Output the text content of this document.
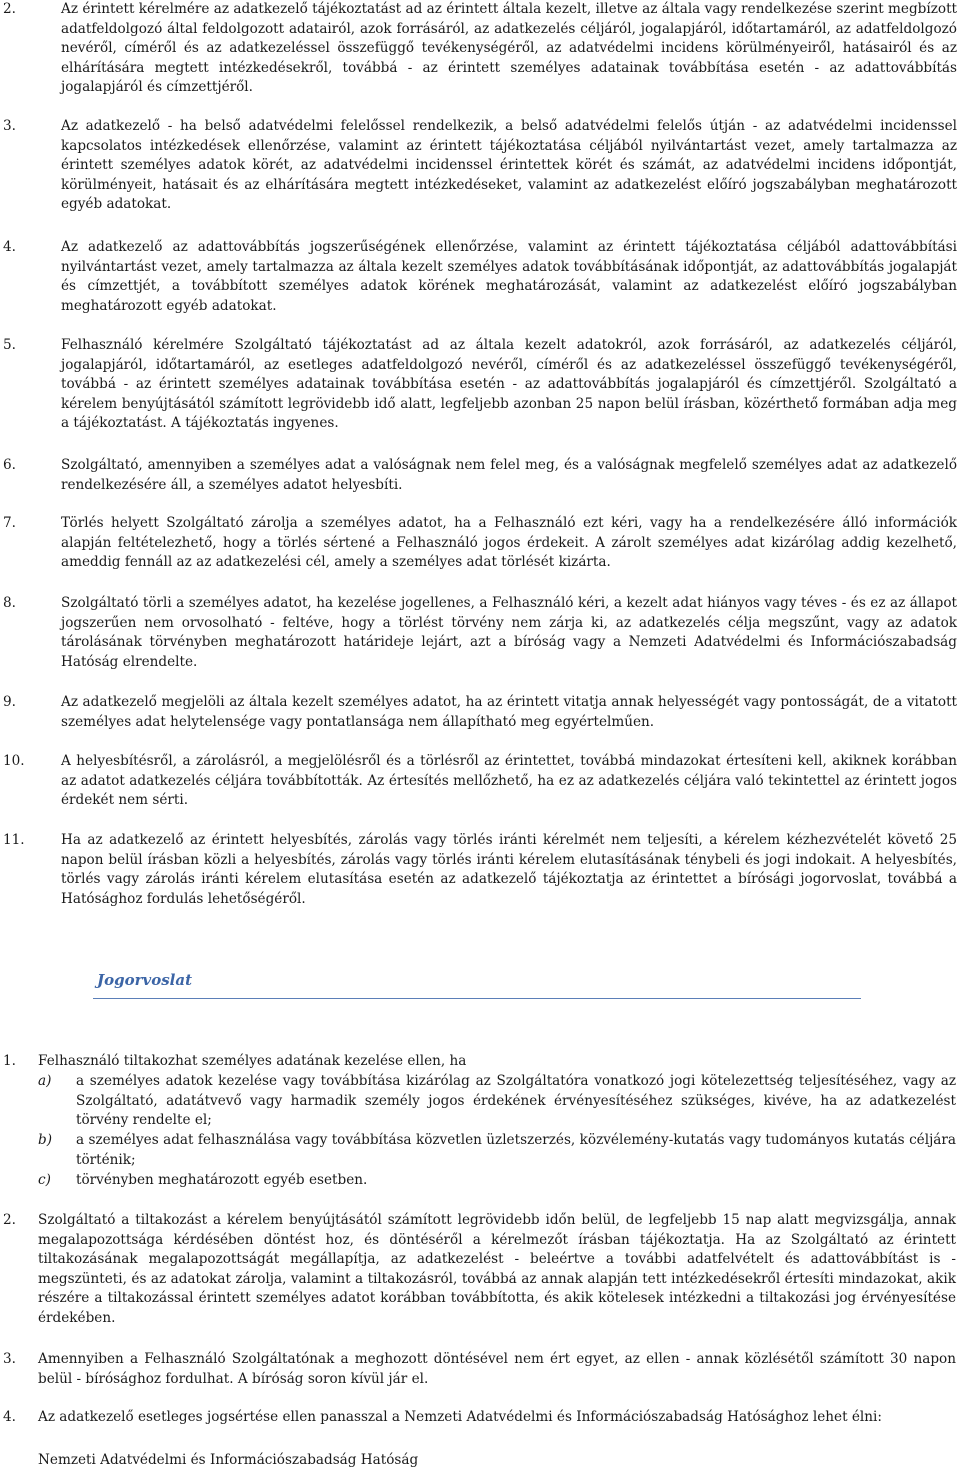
2.	Az érintett kérelmére az adatkezelő tájékoztatást ad az érintett általa kezelt, illetve az általa vagy rendelkezése szerint megbízott adatfeldolgozó által feldolgozott adatairól, azok forrásáról, az adatkezelés céljáról, jogalapjáról, időtartamáról, az adatfeldolgozó nevéről, címéről és az adatkezeléssel összefüggő tevékenységéről, az adatvédelmi incidens körülményeiről, hatásairól és az elhárítására megtett intézkedésekről, továbbá - az érintett személyes adatainak továbbítása esetén - az adattovábbítás jogalapjáról és címzettjéről.
3.	Az adatkezelő - ha belső adatvédelmi felelőssel rendelkezik, a belső adatvédelmi felelős útján - az adatvédelmi incidenssel kapcsolatos intézkedések ellenőrzése, valamint az érintett tájékoztatása céljából nyilvántartást vezet, amely tartalmazza az érintett személyes adatok körét, az adatvédelmi incidenssel érintettek körét és számát, az adatvédelmi incidens időpontját, körülményeit, hatásait és az elhárítására megtett intézkedéseket, valamint az adatkezelést előíró jogszabályban meghatározott egyéb adatokat.
4.	Az adatkezelő az adattovábbítás jogszerűségének ellenőrzése, valamint az érintett tájékoztatása céljából adattovábbítási nyilvántartást vezet, amely tartalmazza az általa kezelt személyes adatok továbbításának időpontját, az adattovábbítás jogalapját és címzettjét, a továbbított személyes adatok körének meghatározását, valamint az adatkezelést előíró jogszabályban meghatározott egyéb adatokat.
5.	Felhasználó kérelmére Szolgáltató tájékoztatást ad az általa kezelt adatokról, azok forrásáról, az adatkezelés céljáról, jogalapjáról, időtartamáról, az esetleges adatfeldolgozó nevéről, címéről és az adatkezeléssel összefüggő tevékenységéről, továbbá - az érintett személyes adatainak továbbítása esetén - az adattovábbítás jogalapjáról és címzettjéről. Szolgáltató a kérelem benyújtásától számított legrövidebb idő alatt, legfeljebb azonban 25 napon belül írásban, közérthető formában adja meg a tájékoztatást. A tájékoztatás ingyenes.
6.	Szolgáltató, amennyiben a személyes adat a valóságnak nem felel meg, és a valóságnak megfelelő személyes adat az adatkezelő rendelkezésére áll, a személyes adatot helyesbíti.
7.	Törlés helyett Szolgáltató zárolja a személyes adatot, ha a Felhasználó ezt kéri, vagy ha a rendelkezésére álló információk alapján feltételezhető, hogy a törlés sértené a Felhasználó jogos érdekeit. A zárolt személyes adat kizárólag addig kezelhető, ameddig fennáll az az adatkezelési cél, amely a személyes adat törlését kizárta.
8.	Szolgáltató törli a személyes adatot, ha kezelése jogellenes, a Felhasználó kéri, a kezelt adat hiányos vagy téves - és ez az állapot jogszerűen nem orvosolható - feltéve, hogy a törlést törvény nem zárja ki, az adatkezelés célja megszűnt, vagy az adatok tárolásának törvényben meghatározott határideje lejárt, azt a bíróság vagy a Nemzeti Adatvédelmi és Információszabadság Hatóság elrendelte.
9.	Az adatkezelő megjelöli az általa kezelt személyes adatot, ha az érintett vitatja annak helyességét vagy pontosságát, de a vitatott személyes adat helytelensége vagy pontatlansága nem állapítható meg egyértelműen.
10.	A helyesbítésről, a zárolásról, a megjelölésről és a törlésről az érintettet, továbbá mindazokat értesíteni kell, akiknek korábban az adatot adatkezelés céljára továbbították. Az értesítés mellőzhető, ha ez az adatkezelés céljára való tekintettel az érintett jogos érdekét nem sérti.
11.	Ha az adatkezelő az érintett helyesbítés, zárolás vagy törlés iránti kérelmét nem teljesíti, a kérelem kézhezvételét követő 25 napon belül írásban közli a helyesbítés, zárolás vagy törlés iránti kérelem elutasításának ténybeli és jogi indokait. A helyesbítés, törlés vagy zárolás iránti kérelem elutasítása esetén az adatkezelő tájékoztatja az érintettet a bírósági jogorvoslat, továbbá a Hatósághoz fordulás lehetőségéről.
Jogorvoslat
1. Felhasználó tiltakozhat személyes adatának kezelése ellen, ha
a) a személyes adatok kezelése vagy továbbítása kizárólag az Szolgáltatóra vonatkozó jogi kötelezettség teljesítéséhez, vagy az Szolgáltató, adatátvevő vagy harmadik személy jogos érdekének érvényesítéséhez szükséges, kivéve, ha az adatkezelést törvény rendelte el;
b) a személyes adat felhasználása vagy továbbítása közvetlen üzletszerzés, közvélemény-kutatás vagy tudományos kutatás céljára történik;
c) törvényben meghatározott egyéb esetben.
2. Szolgáltató a tiltakozást a kérelem benyújtásától számított legrövidebb időn belül, de legfeljebb 15 nap alatt megvizsgálja, annak megalapozottsága kérdésében döntést hoz, és döntéséről a kérelmezőt írásban tájékoztatja. Ha az Szolgáltató az érintett tiltakozásának megalapozottságát megállapítja, az adatkezelést - beleértve a további adatfelvételt és adattovábbítást is - megszünteti, és az adatokat zárolja, valamint a tiltakozásról, továbbá az annak alapján tett intézkedésekről értesíti mindazokat, akik részére a tiltakozással érintett személyes adatot korábban továbbította, és akik kötelesek intézkedni a tiltakozási jog érvényesítése érdekében.
3. Amennyiben a Felhasználó Szolgáltatónak a meghozott döntésével nem ért egyet, az ellen - annak közlésétől számított 30 napon belül - bírósághoz fordulhat. A bíróság soron kívül jár el.
4. Az adatkezelő esetleges jogsértése ellen panasszal a Nemzeti Adatvédelmi és Információszabadság Hatósághoz lehet élni:
Nemzeti Adatvédelmi és Információszabadság Hatóság
